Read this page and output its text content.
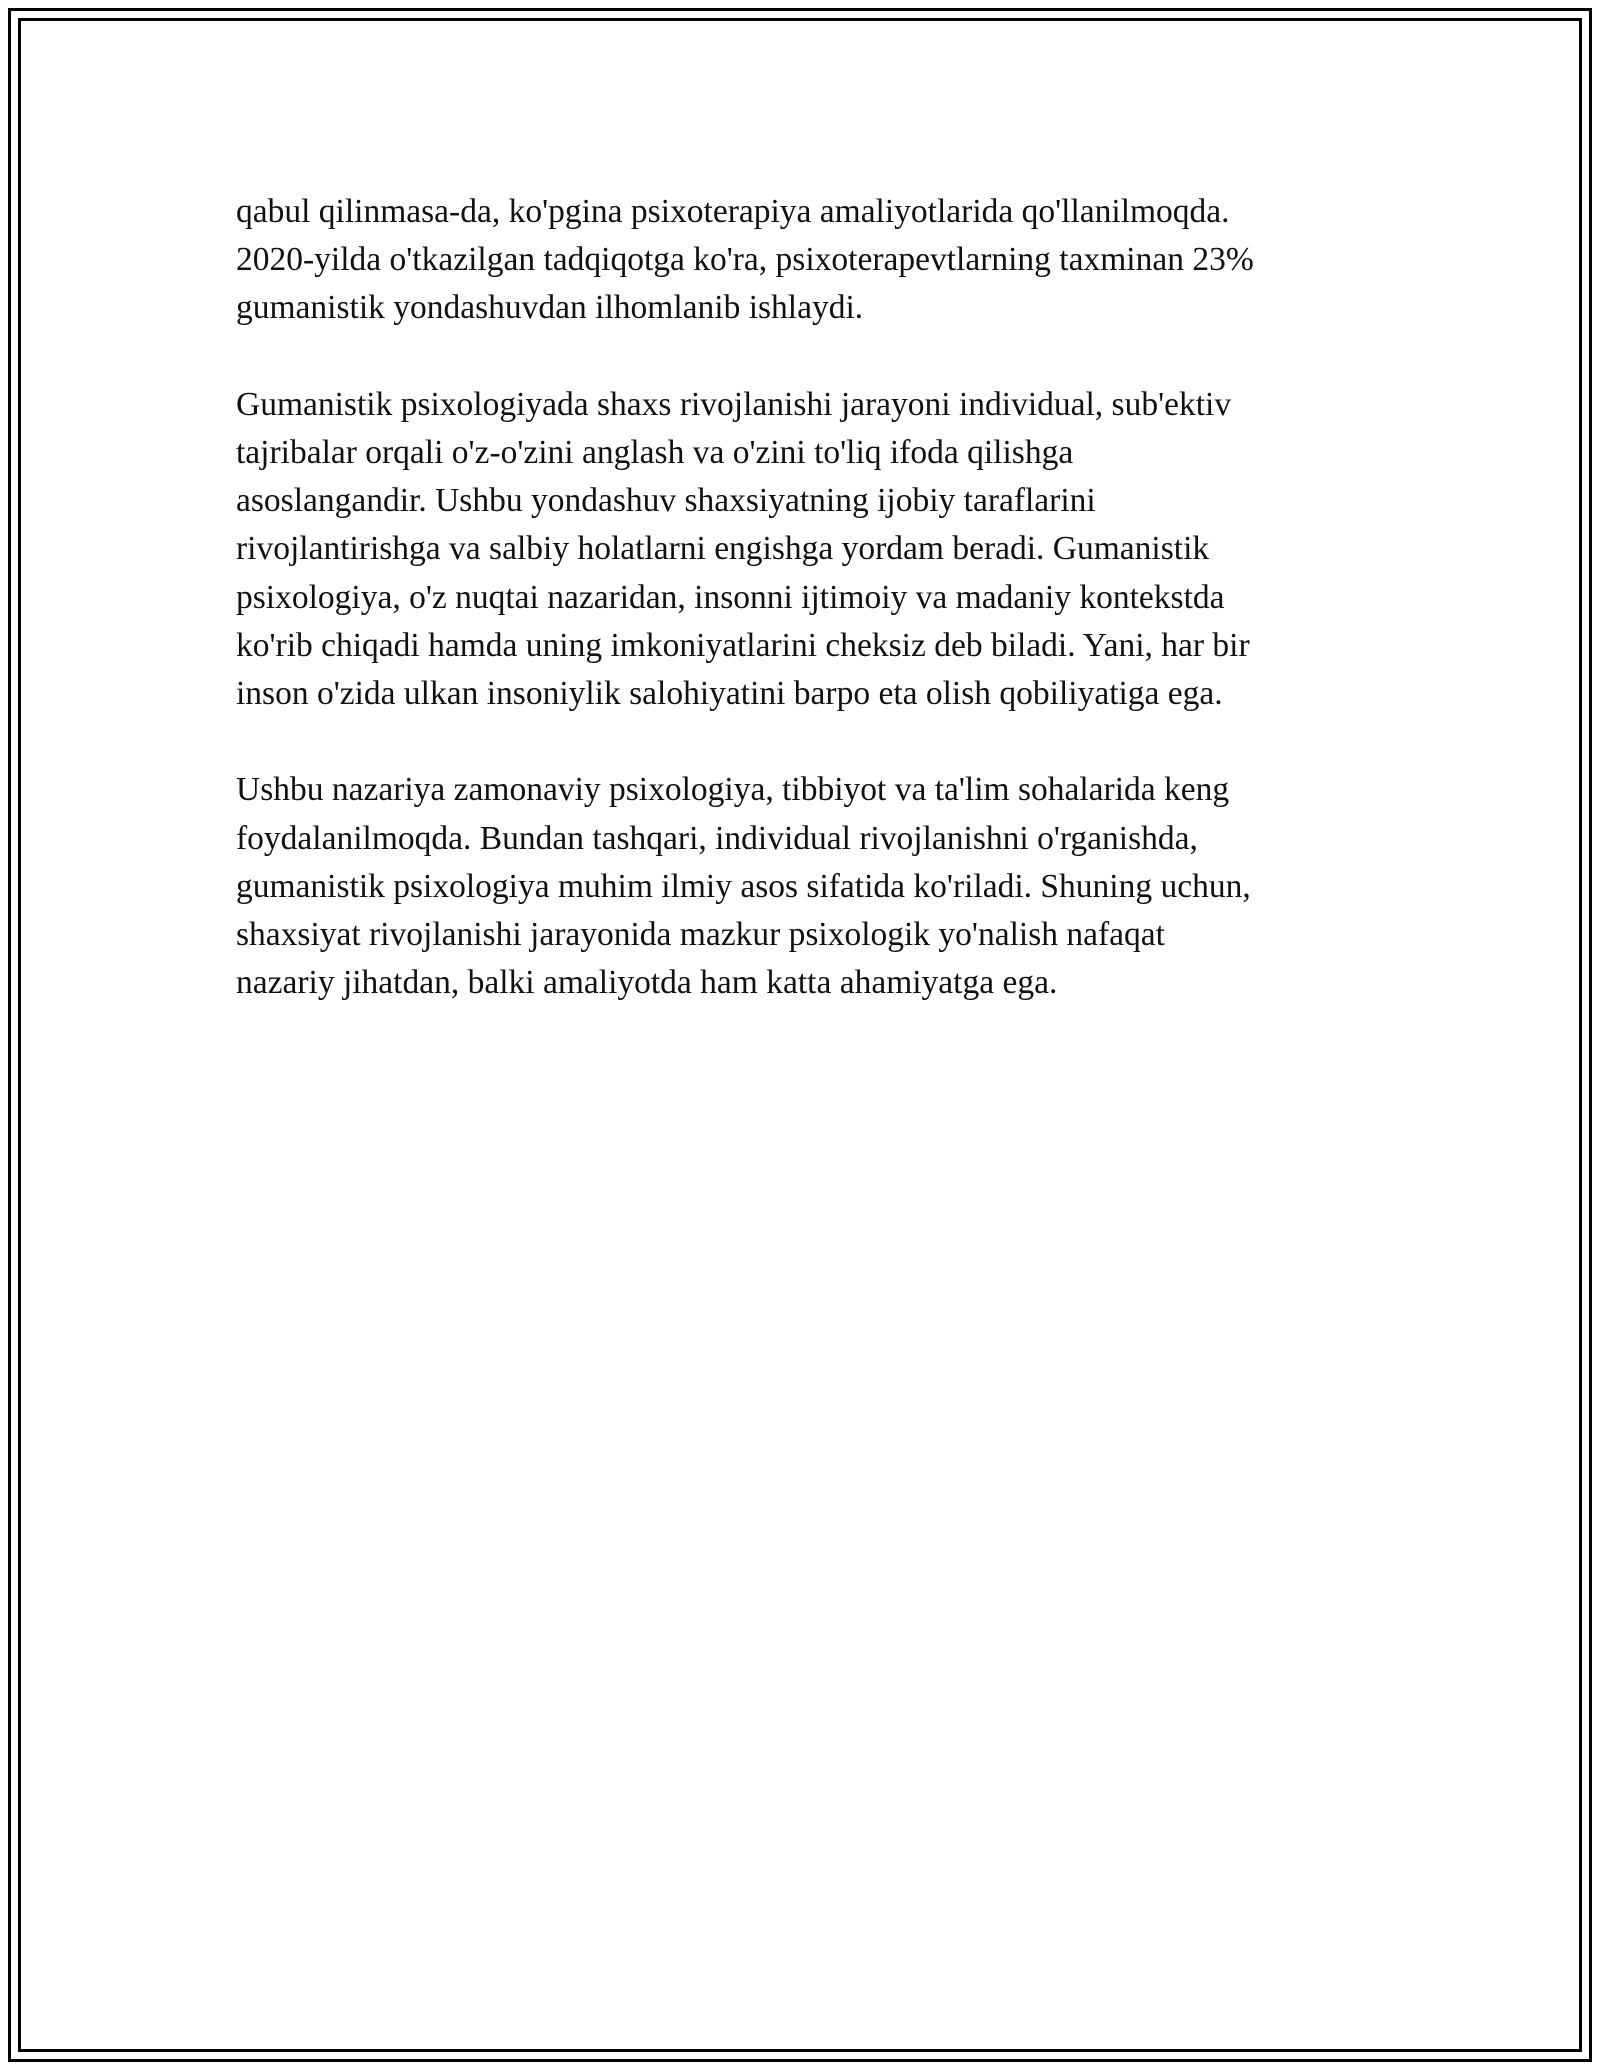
qabul qilinmasa-da, ko'pgina psixoterapiya amaliyotlarida qo'llanilmoqda.
2020-yilda o'tkazilgan tadqiqotga ko'ra, psixoterapevtlarning taxminan 23%
gumanistik yondashuvdan ilhomlanib ishlaydi.

Gumanistik psixologiyada shaxs rivojlanishi jarayoni individual, sub'ektiv
tajribalar orqali o'z-o'zini anglash va o'zini to'liq ifoda qilishga
asoslangandir. Ushbu yondashuv shaxsiyatning ijobiy taraflarini
rivojlantirishga va salbiy holatlarni engishga yordam beradi. Gumanistik
psixologiya, o'z nuqtai nazaridan, insonni ijtimoiy va madaniy kontekstda
ko'rib chiqadi hamda uning imkoniyatlarini cheksiz deb biladi. Yani, har bir
inson o'zida ulkan insoniylik salohiyatini barpo eta olish qobiliyatiga ega.

Ushbu nazariya zamonaviy psixologiya, tibbiyot va ta'lim sohalarida keng
foydalanilmoqda. Bundan tashqari, individual rivojlanishni o'rganishda,
gumanistik psixologiya muhim ilmiy asos sifatida ko'riladi. Shuning uchun,
shaxsiyat rivojlanishi jarayonida mazkur psixologik yo'nalish nafaqat
nazariy jihatdan, balki amaliyotda ham katta ahamiyatga ega.
